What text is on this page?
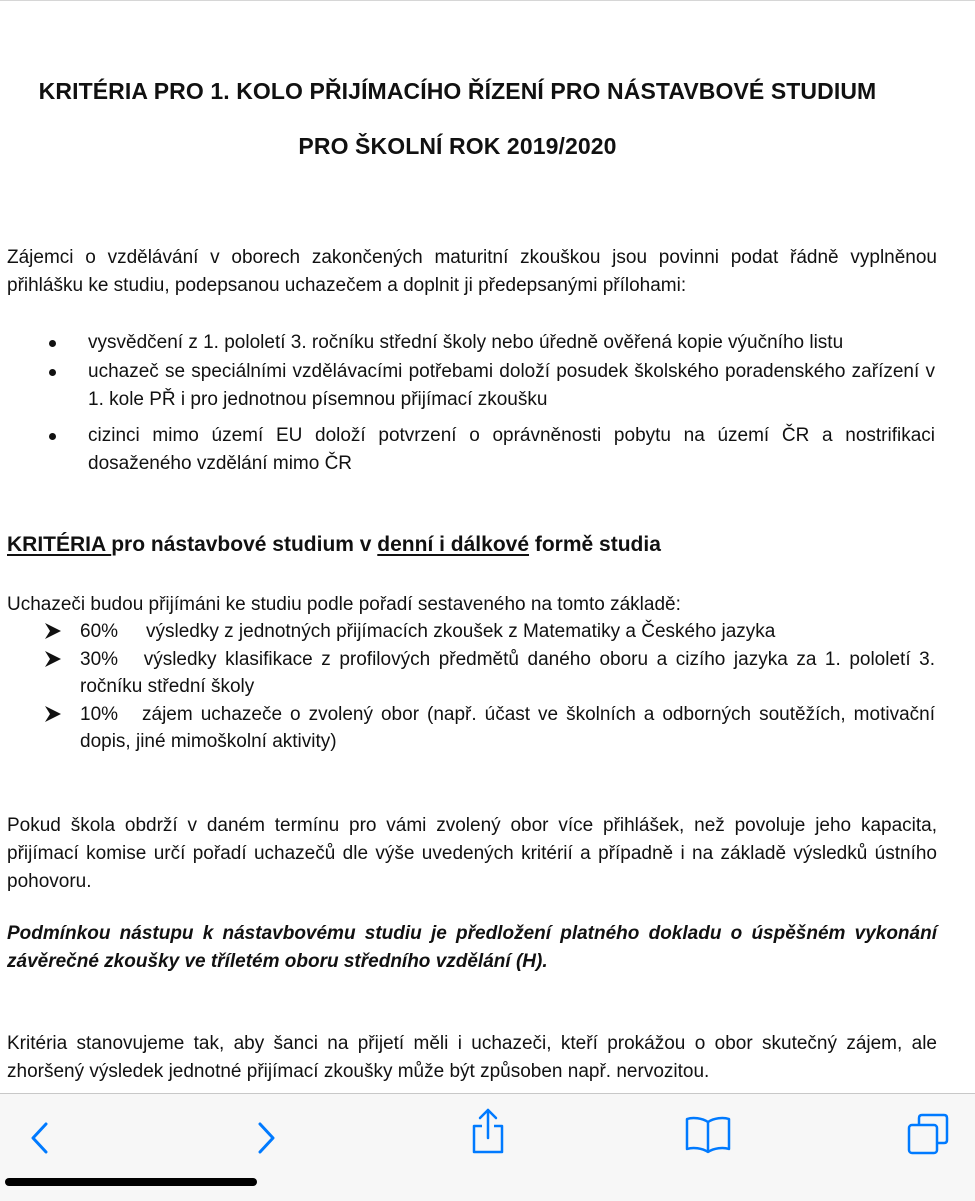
KRITÉRIA PRO 1. KOLO PŘIJÍMACÍHO ŘÍZENÍ PRO NÁSTAVBOVÉ STUDIUM
PRO ŠKOLNÍ ROK 2019/2020
Zájemci o vzdělávání v oborech zakončených maturitní zkouškou jsou povinni podat řádně vyplněnou přihlášku ke studiu, podepsanou uchazečem a doplnit ji předepsanými přílohami:
vysvědčení z 1. pololetí 3. ročníku střední školy nebo úředně ověřená kopie výučního listu
uchazeč se speciálními vzdělávacími potřebami doloží posudek školského poradenského zařízení v 1. kole PŘ i pro jednotnou písemnou přijímací zkoušku
cizinci mimo území EU doloží potvrzení o oprávněnosti pobytu na území ČR a nostrifikaci dosaženého vzdělání mimo ČR
KRITÉRIA pro nástavbové studium v denní i dálkové formě studia
Uchazeči budou přijímáni ke studiu podle pořadí sestaveného na tomto základě:
60% výsledky z jednotných přijímacích zkoušek z Matematiky a Českého jazyka
30% výsledky klasifikace z profilových předmětů daného oboru a cizího jazyka za 1. pololetí 3. ročníku střední školy
10% zájem uchazeče o zvolený obor (např. účast ve školních a odborných soutěžích, motivační dopis, jiné mimoškolní aktivity)
Pokud škola obdrží v daném termínu pro vámi zvolený obor více přihlášek, než povoluje jeho kapacita, přijímací komise určí pořadí uchazečů dle výše uvedených kritérií a případně i na základě výsledků ústního pohovoru.
Podmínkou nástupu k nástavbovému studiu je předložení platného dokladu o úspěšném vykonání závěrečné zkoušky ve tříletém oboru středního vzdělání (H).
Kritéria stanovujeme tak, aby šanci na přijetí měli i uchazeči, kteří prokážou o obor skutečný zájem, ale zhoršený výsledek jednotné přijímací zkoušky může být způsoben např. nervozitou.
